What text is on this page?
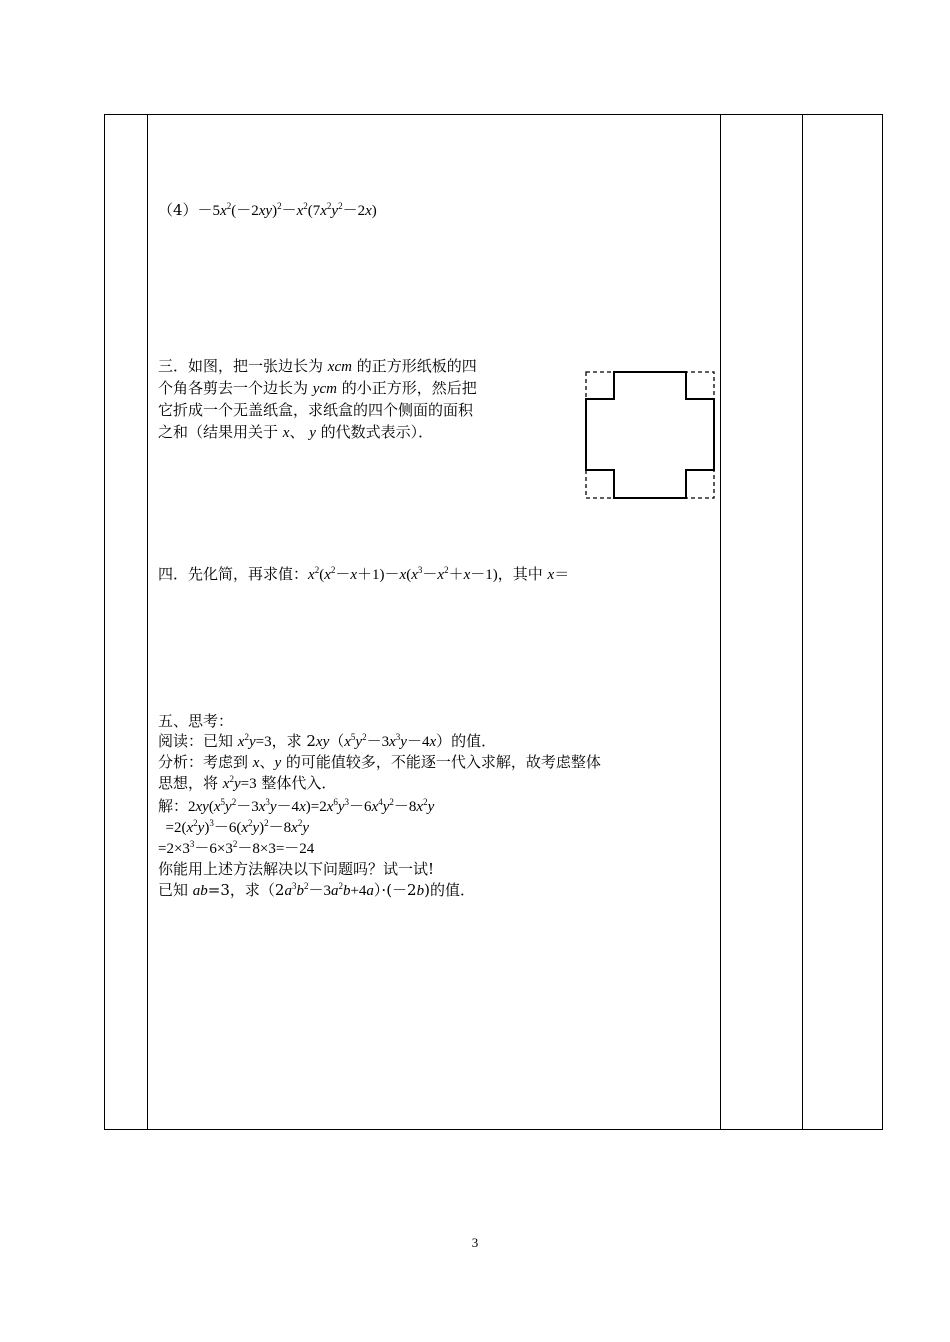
$(4)-5x^2(-2xy)^2-x^2(7x^2y^2-2x)$
三．如图，把一张边长为 xcm 的正方形纸板的四
个角各剪去一个边长为 ycm 的小正方形，然后把
它折成一个无盖纸盒，求纸盒的四个侧面的面积
之和（结果用关于 x、 y 的代数式表示）．
四．先化简，再求值：$x^2(x^2-x+1)-x(x^3-x^2+x-1)$，其中 x＝
五、思考：
阅读：已知 $x^2y=3$，求 $2xy(x^5y^2-3x^3y-4x)$的值．
分析：考虑到 x、y 的可能值较多，不能逐一代入求解，故考虑整体
思想，将 $x^2y=3$ 整体代入．
解：$2xy(x^5y^2-3x^3y-4x)=2x^6y^3-6x^4y^2-8x^2y$
$=2(x^2y)^3-6(x^2y)^2-8x^2y$
$=2\times 3^3-6\times 3^2-8\times 3=-24$
你能用上述方法解决以下问题吗？试一试!
已知 ab=3，求$(2a^3b^2-3a^2b+4a)\cdot(-2b)$的值．
3
